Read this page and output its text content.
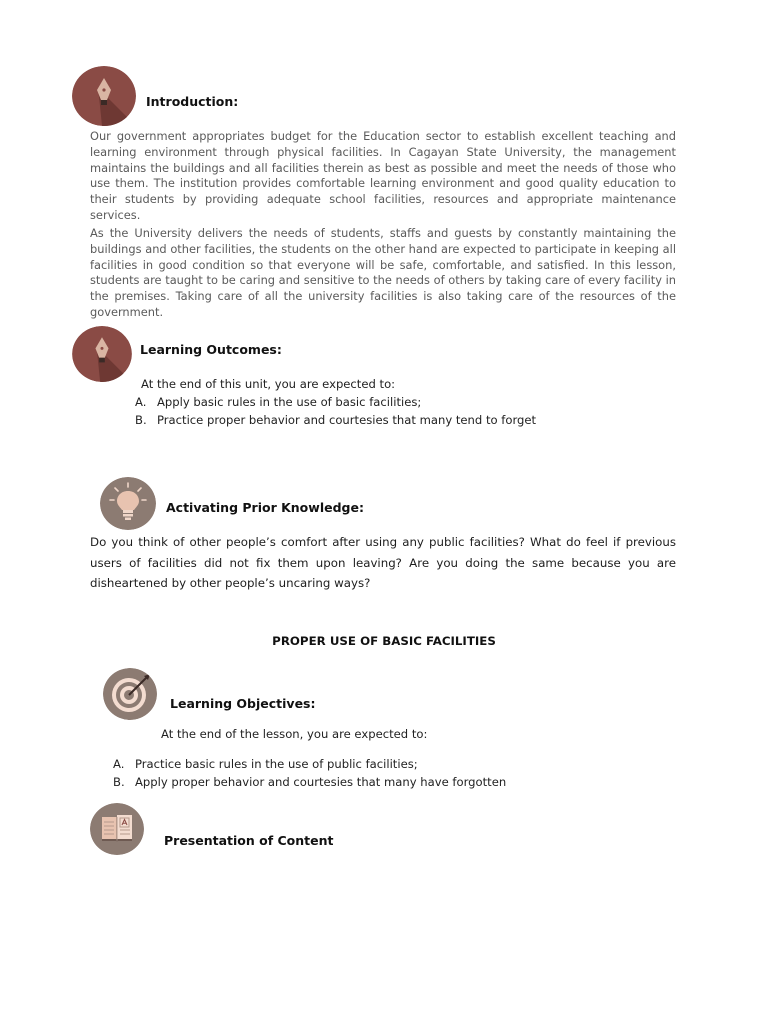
Introduction:

Our government appropriates budget for the Education sector to establish excellent teaching and learning environment through physical facilities. In Cagayan State University, the management maintains the buildings and all facilities therein as best as possible and meet the needs of those who use them. The institution provides comfortable learning environment and good quality education to their students by providing adequate school facilities, resources and appropriate maintenance services.

As the University delivers the needs of students, staffs and guests by constantly maintaining the buildings and other facilities, the students on the other hand are expected to participate in keeping all facilities in good condition so that everyone will be safe, comfortable, and satisfied. In this lesson, students are taught to be caring and sensitive to the needs of others by taking care of every facility in the premises. Taking care of all the university facilities is also taking care of the resources of the government.

Learning Outcomes:
At the end of this unit, you are expected to:
A. Apply basic rules in the use of basic facilities;
B. Practice proper behavior and courtesies that many tend to forget
Activating Prior Knowledge:

Do you think of other people’s comfort after using any public facilities? What do feel if previous users of facilities did not fix them upon leaving? Are you doing the same because you are disheartened by other people’s uncaring ways?

PROPER USE OF BASIC FACILITIES
Learning Objectives:
At the end of the lesson, you are expected to:
A. Practice basic rules in the use of public facilities;
B. Apply proper behavior and courtesies that many have forgotten
Presentation of Content
